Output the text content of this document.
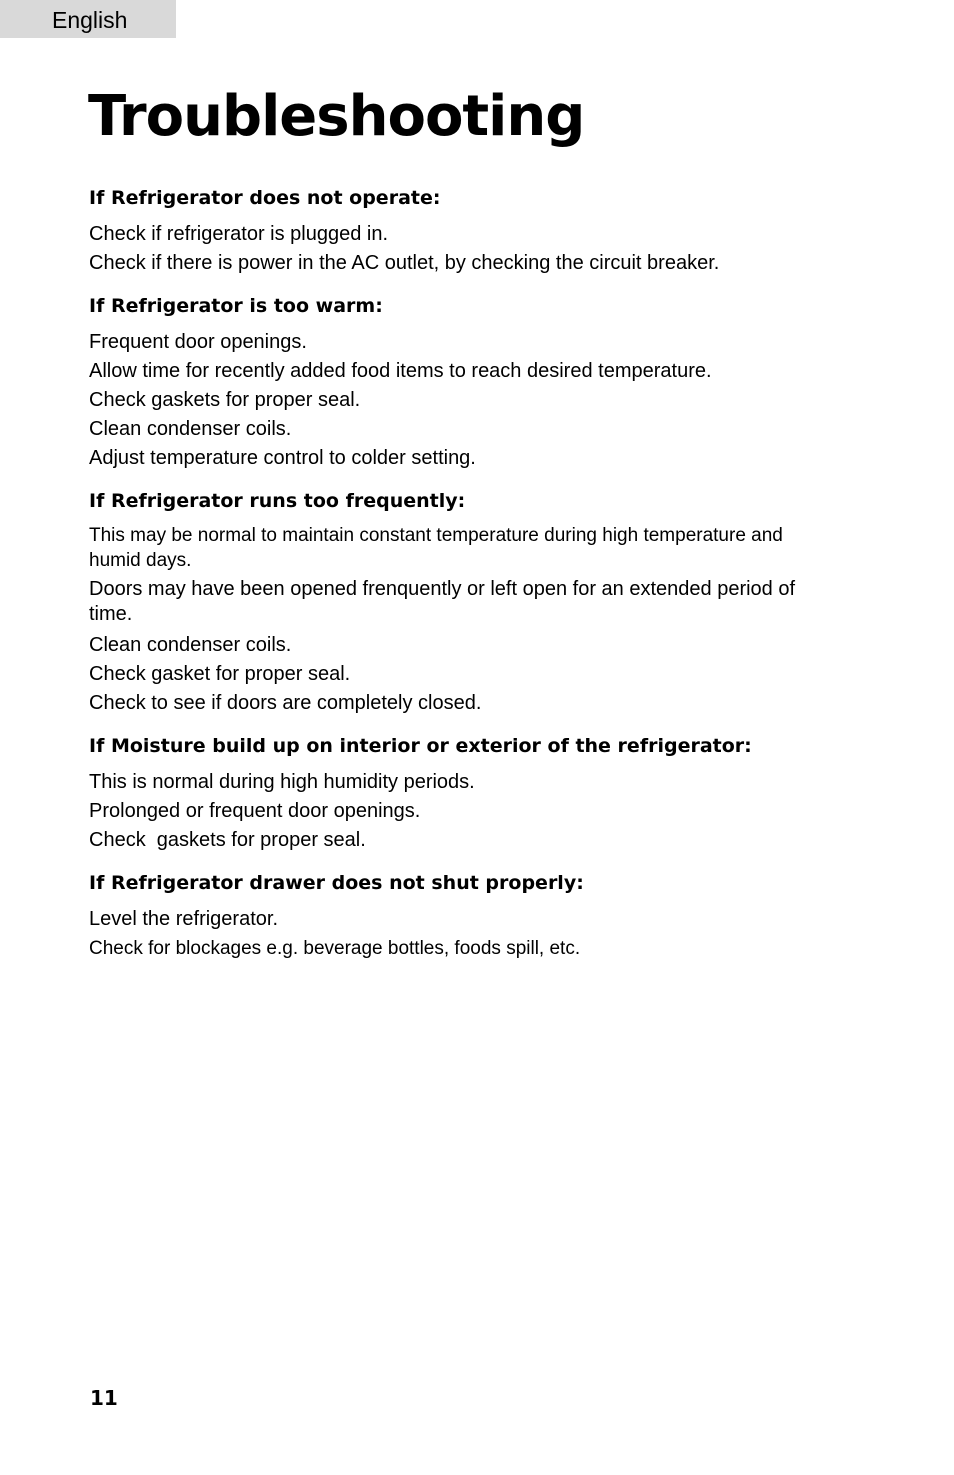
English
Troubleshooting

If Refrigerator does not operate:

Check if refrigerator is plugged in.

Check if there is power in the AC outlet, by checking the circuit breaker.

If Refrigerator is too warm:

Frequent door openings.

Allow time for recently added food items to reach desired temperature.

Check gaskets for proper seal.

Clean condenser coils.

Adjust temperature control to colder setting.

If Refrigerator runs too frequently:

This may be normal to maintain constant temperature during high temperature and humid days.

Doors may have been opened frenquently or left open for an extended period of time.

Clean condenser coils.

Check gasket for proper seal.

Check to see if doors are completely closed.

If Moisture build up on interior or exterior of the refrigerator:

This is normal during high humidity periods.

Prolonged or frequent door openings.

Check  gaskets for proper seal.

If Refrigerator drawer does not shut properly:

Level the refrigerator.

Check for blockages e.g. beverage bottles, foods spill, etc.

11
